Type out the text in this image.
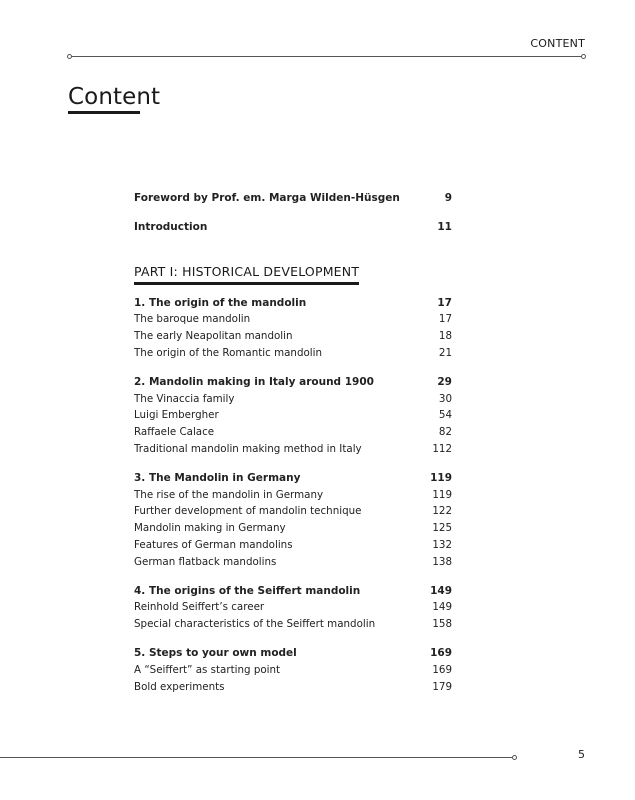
CONTENT
Content
Foreword by Prof. em. Marga Wilden-Hüsgen	9
Introduction	11
PART I: HISTORICAL DEVELOPMENT
1. The origin of the mandolin	17
The baroque mandolin	17
The early Neapolitan mandolin	18
The origin of the Romantic mandolin	21
2. Mandolin making in Italy around 1900	29
The Vinaccia family	30
Luigi Embergher	54
Raffaele Calace	82
Traditional mandolin making method in Italy	112
3. The Mandolin in Germany	119
The rise of the mandolin in Germany	119
Further development of mandolin technique	122
Mandolin making in Germany	125
Features of German mandolins	132
German flatback mandolins	138
4. The origins of the Seiffert mandolin	149
Reinhold Seiffert’s career	149
Special characteristics of the Seiffert mandolin	158
5. Steps to your own model	169
A “Seiffert” as starting point	169
Bold experiments	179
5
